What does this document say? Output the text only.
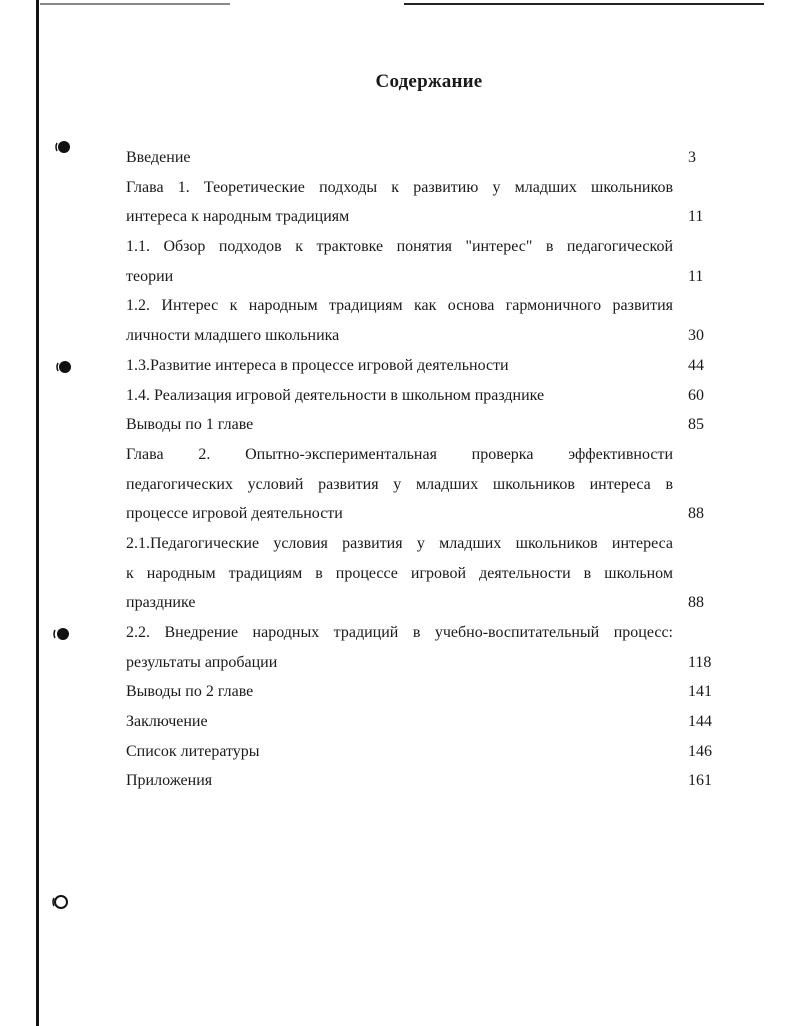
Содержание
Введение	3
Глава 1. Теоретические подходы к развитию у младших школьников
интереса к народным традициям	11
1.1. Обзор подходов к трактовке понятия "интерес" в педагогической
теории	11
1.2. Интерес к народным традициям как основа гармоничного развития
личности младшего школьника	30
1.3.Развитие интереса в процессе игровой деятельности	44
1.4. Реализация игровой деятельности в школьном празднике	60
Выводы по 1 главе	85
Глава 2. Опытно-экспериментальная проверка эффективности
педагогических условий развития у младших школьников интереса в
процессе игровой деятельности	88
2.1.Педагогические условия развития у младших школьников интереса
к народным традициям в процессе игровой деятельности в школьном
празднике	88
2.2. Внедрение народных традиций в учебно-воспитательный процесс:
результаты апробации	118
Выводы по 2 главе	141
Заключение	144
Список литературы	146
Приложения	161
